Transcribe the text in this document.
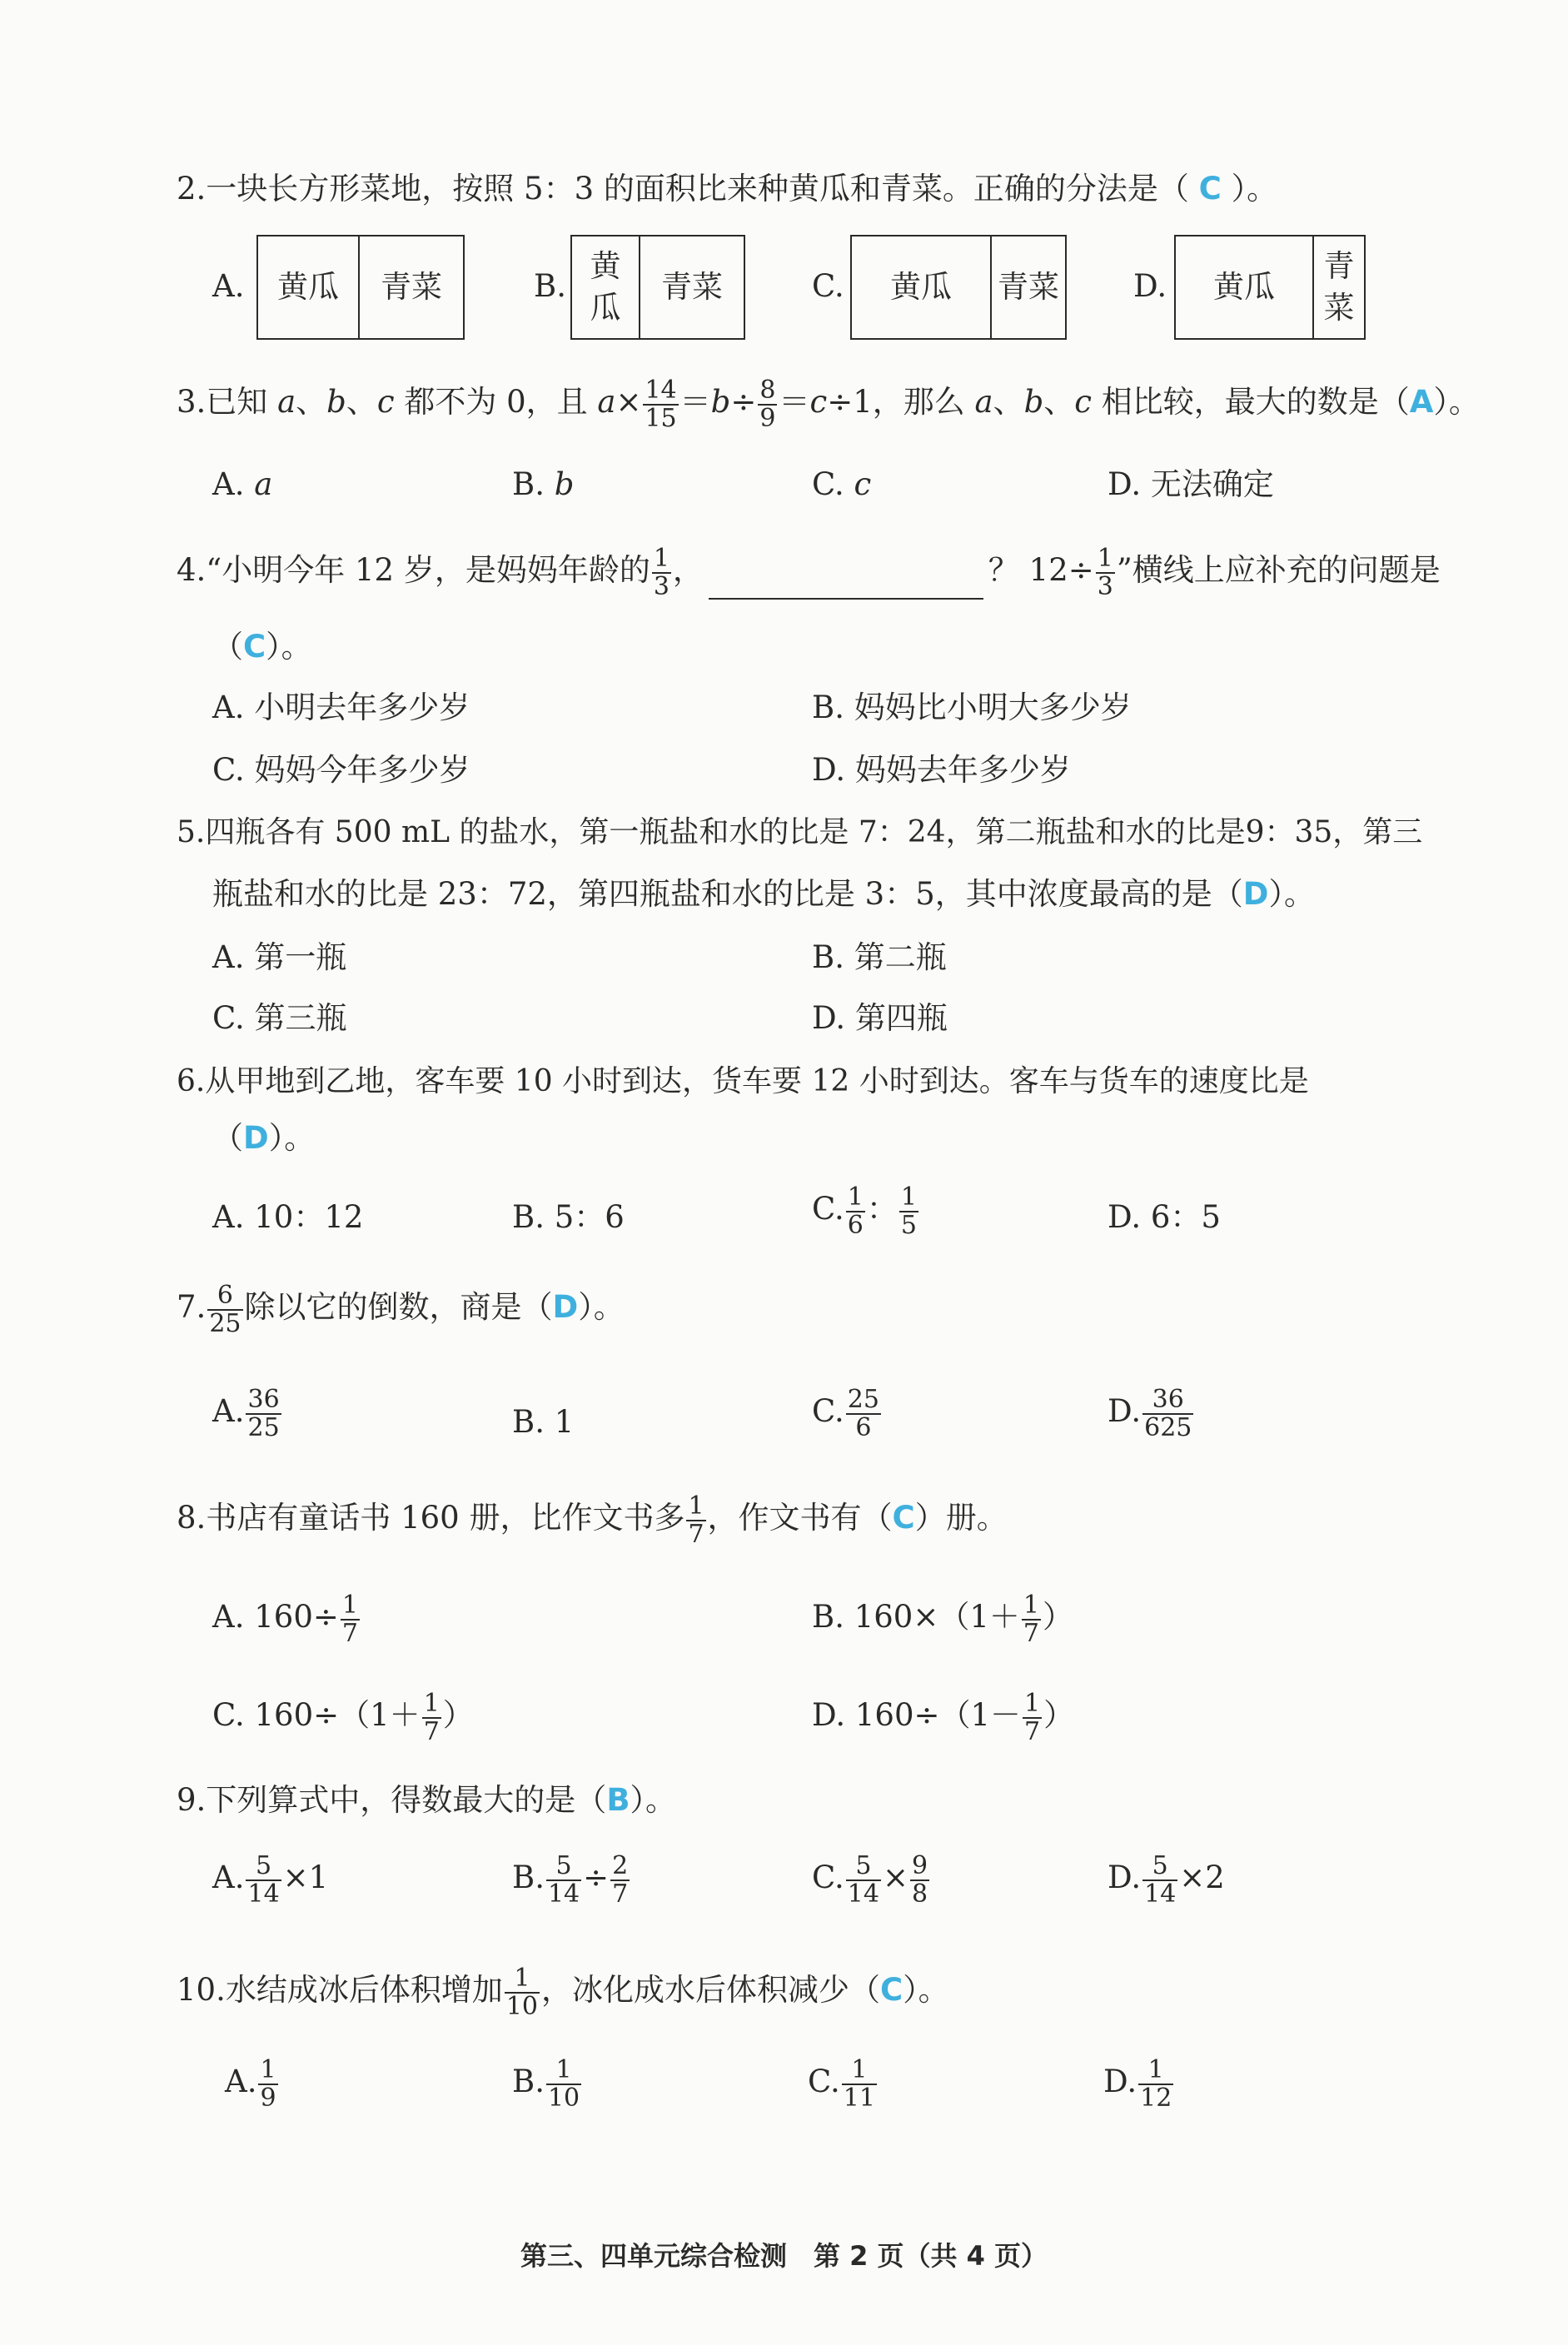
2.一块长方形菜地，按照 5：3 的面积比来种黄瓜和青菜。正确的分法是（ C ）。
A.	黄瓜	青菜	B.
黄
瓜
青菜	C.	黄瓜	青菜 D.	黄瓜
青
菜
3.已知 a、b、c 都不为 0，且 $a\times \frac{14}{15} =b\div \frac{8}{9} =c\div 1$，那么 a、b、c 相比较，最大的数是（A）。
A. a	B. b	C. c	D. 无法确定
4.“小明今年 12 岁，是妈妈年龄的 $\frac{1}{3}$ ，	？ $12\div \frac{1}{3}$ ”横线上应补充的问题是
（C）。
A. 小明去年多少岁	B. 妈妈比小明大多少岁
C. 妈妈今年多少岁	D. 妈妈去年多少岁
5.四瓶各有 500 mL 的盐水，第一瓶盐和水的比是 7：24，第二瓶盐和水的比是9：35，第三
瓶盐和水的比是 23：72，第四瓶盐和水的比是 3：5，其中浓度最高的是（D）。
A. 第一瓶	B. 第二瓶
C. 第三瓶	D. 第四瓶
6.从甲地到乙地，客车要 10 小时到达，货车要 12 小时到达。客车与货车的速度比是
（D）。
A. 10：12	B. 5：6	C. $\frac{1}{6}$ ： $\frac{1}{5}$	D. 6：5
7. $\frac{6}{25}$ 除以它的倒数，商是（D）。
A. $\frac{36}{25}$	B. 1	C. $\frac{25}{6}$	D. $\frac{36}{625}$
8.书店有童话书 160 册，比作文书多 $\frac{1}{7}$ ，作文书有（C）册。
A. $160\div \frac{1}{7}$	B. $160\times(1+ \frac{1}{7}$ ）
C. $160\div(1+ \frac{1}{7}$ ）	D. $160\div(1- \frac{1}{7}$ ）
9.下列算式中，得数最大的是（B）。
A. $\frac{5}{14} \times 1$	B. $\frac{5}{14} \div \frac{2}{7}$	C. $\frac{5}{14} \times \frac{9}{8}$	D. $\frac{5}{14} \times 2$
10.水结成冰后体积增加 $\frac{1}{10}$ ，冰化成水后体积减少（C）。
A. $\frac{1}{9}$	B. $\frac{1}{10}$	C. $\frac{1}{11}$	D. $\frac{1}{12}$
第三、四单元综合检测　第 2 页（共 4 页）
